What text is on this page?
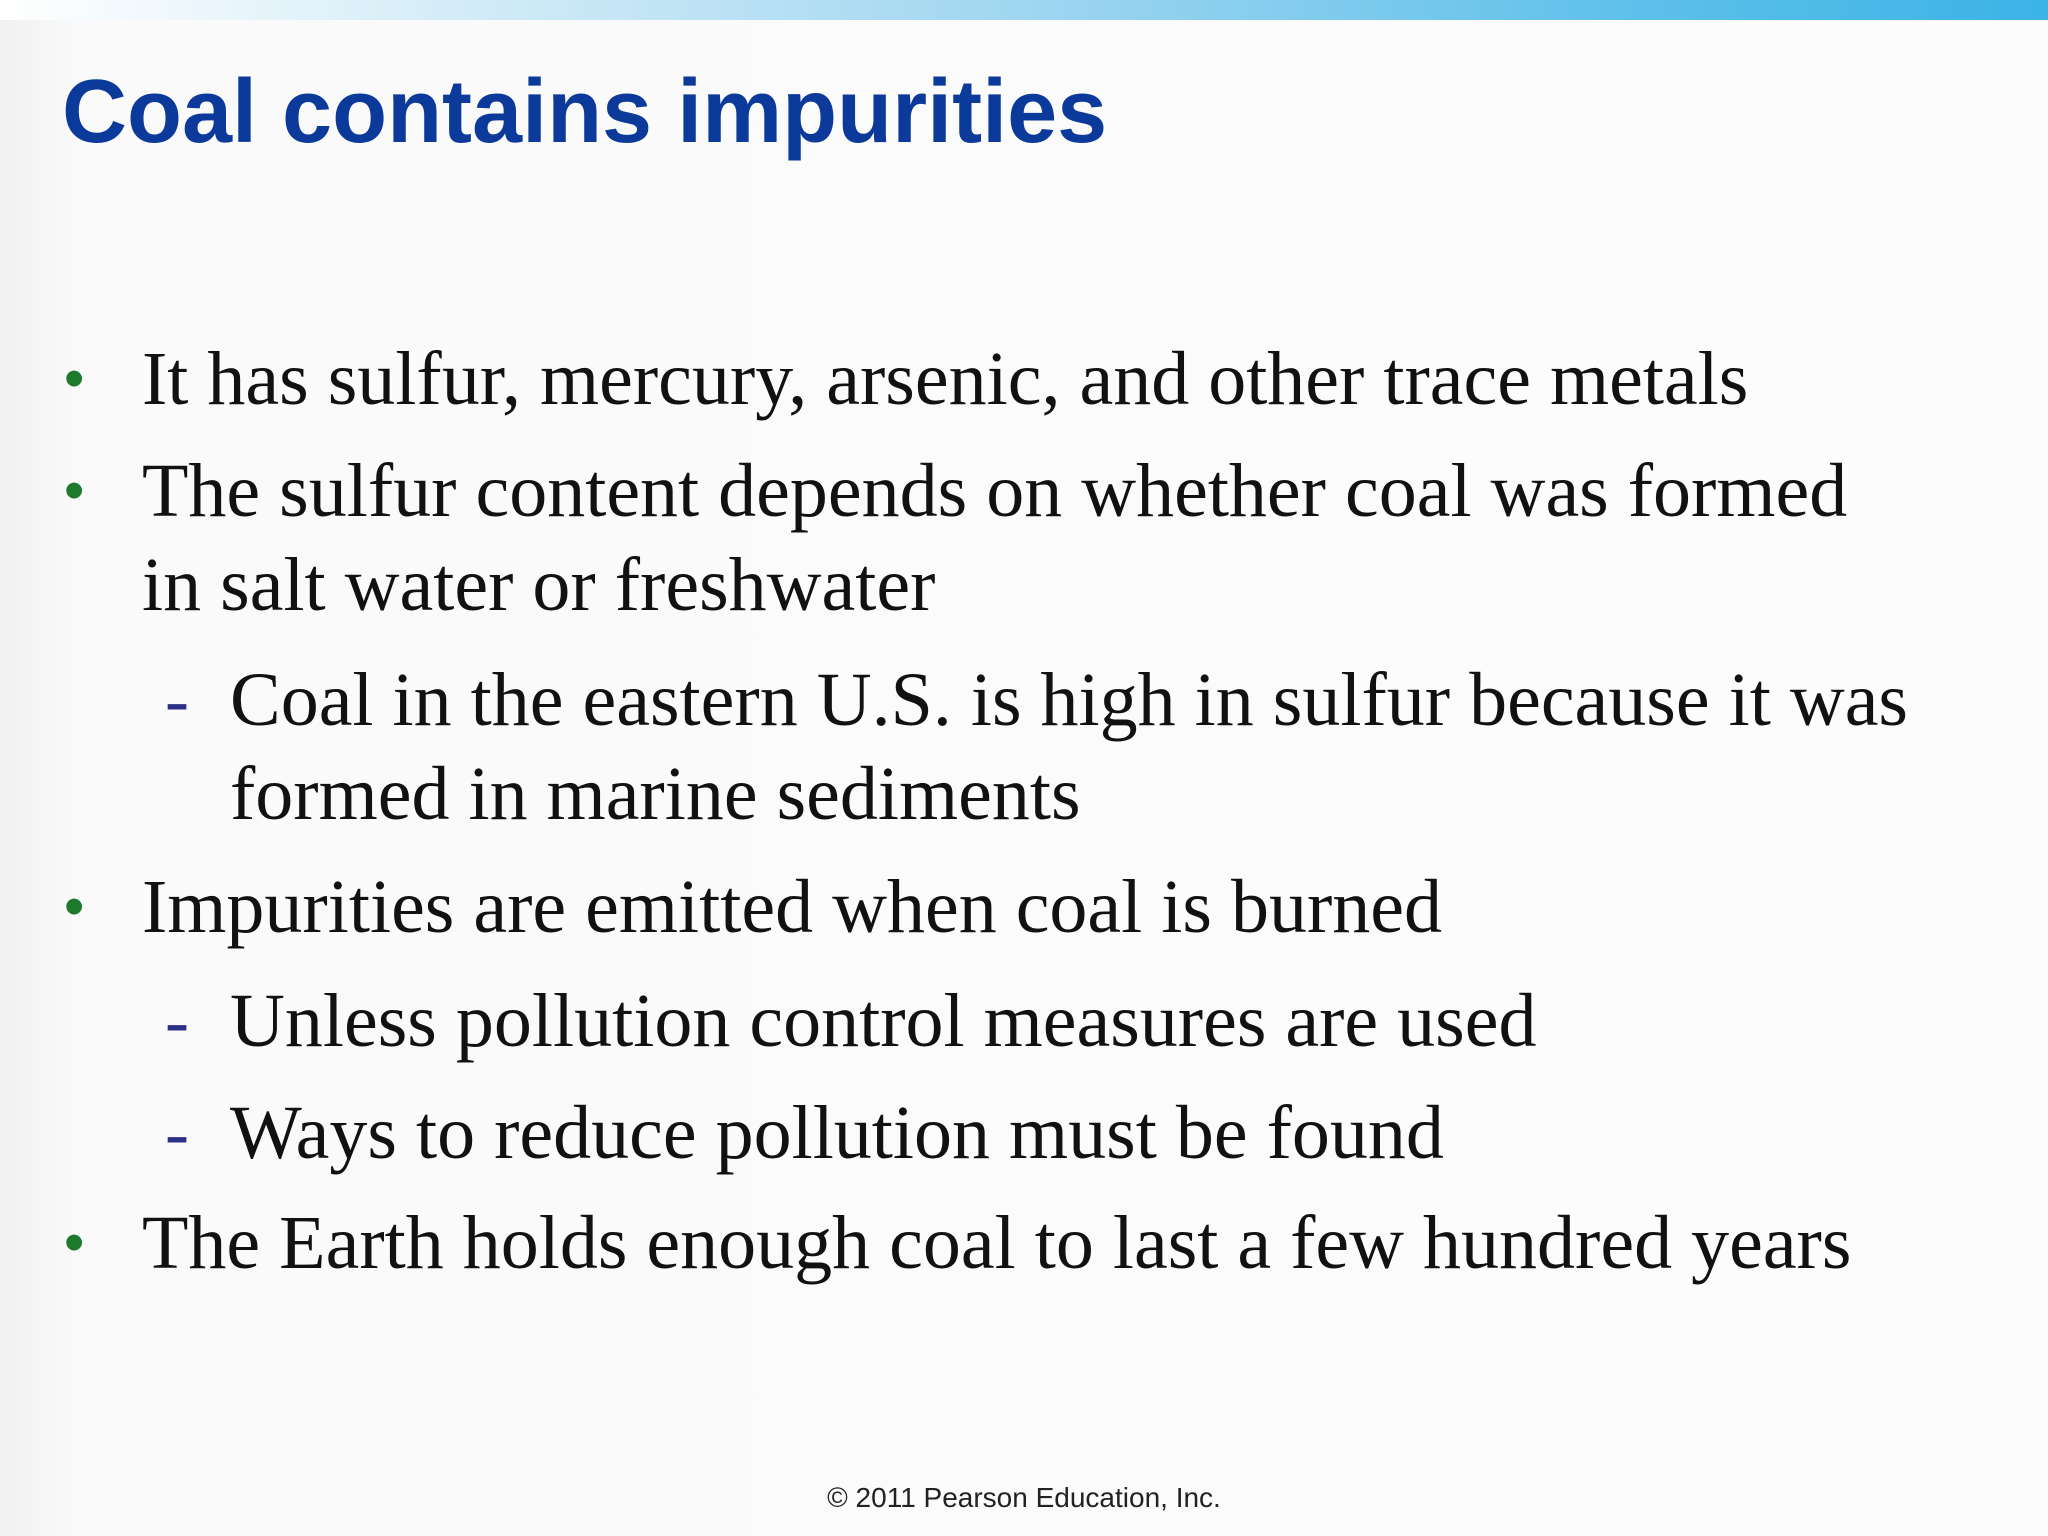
Coal contains impurities
• It has sulfur, mercury, arsenic, and other trace metals
• The sulfur content depends on whether coal was formed
in salt water or freshwater
- Coal in the eastern U.S. is high in sulfur because it was
formed in marine sediments
• Impurities are emitted when coal is burned
- Unless pollution control measures are used
- Ways to reduce pollution must be found
• The Earth holds enough coal to last a few hundred years
© 2011 Pearson Education, Inc.
